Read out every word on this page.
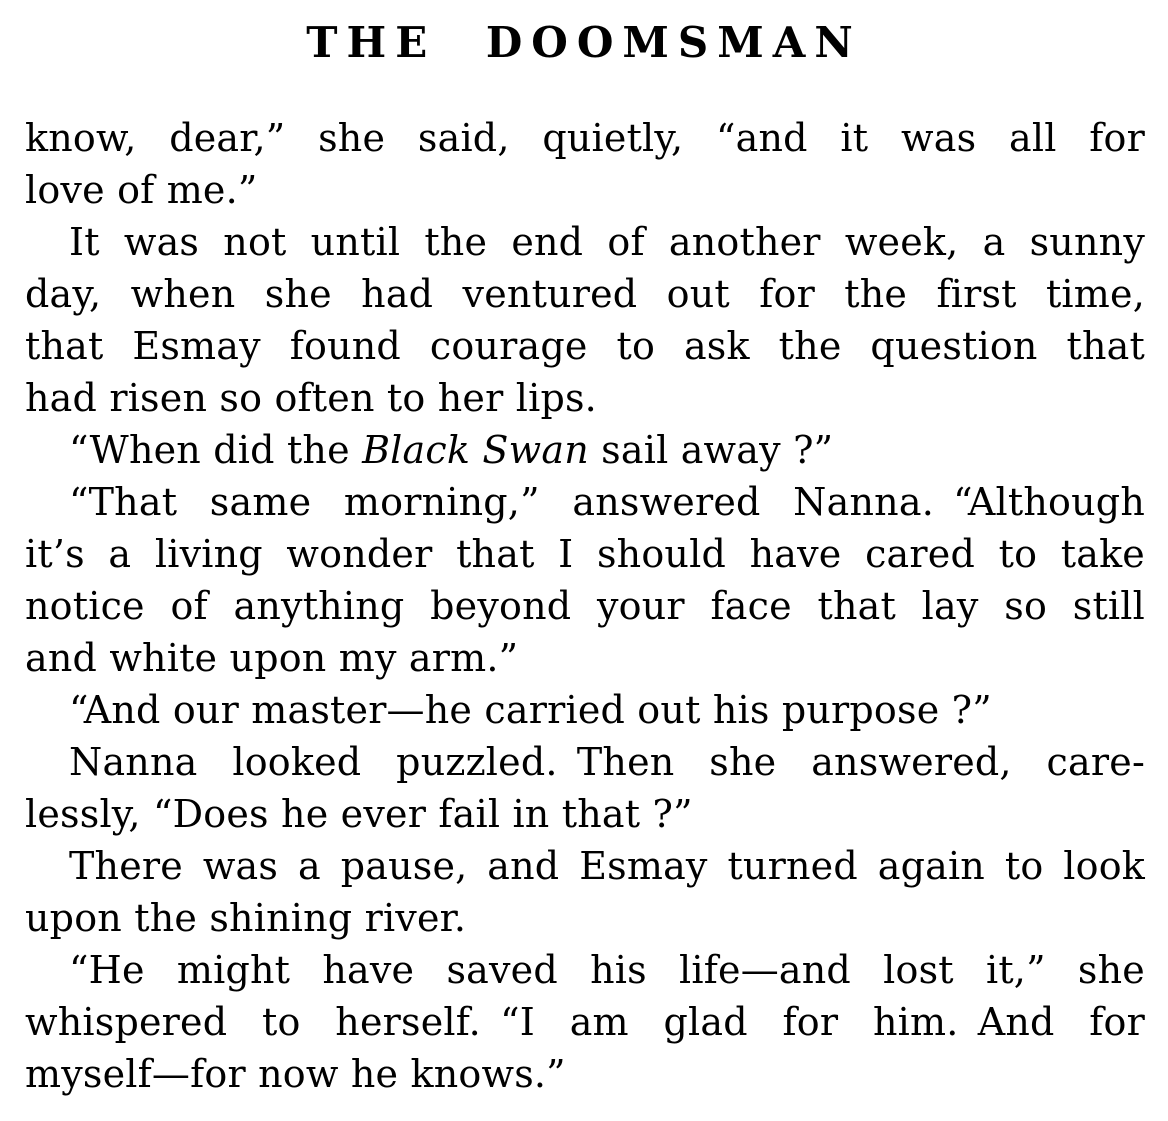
THE DOOMSMAN
know, dear,” she said, quietly, “and it was all for
love of me.”
It was not until the end of another week, a sunny
day, when she had ventured out for the first time,
that Esmay found courage to ask the question that
had risen so often to her lips.
“When did the Black Swan sail away ?”
“That same morning,” answered Nanna. “Although
it’s a living wonder that I should have cared to take
notice of anything beyond your face that lay so still
and white upon my arm.”
“And our master—he carried out his purpose ?”
Nanna looked puzzled. Then she answered, care-
lessly, “Does he ever fail in that ?”
There was a pause, and Esmay turned again to look
upon the shining river.
“He might have saved his life—and lost it,” she
whispered to herself. “I am glad for him. And for
myself—for now he knows.”
